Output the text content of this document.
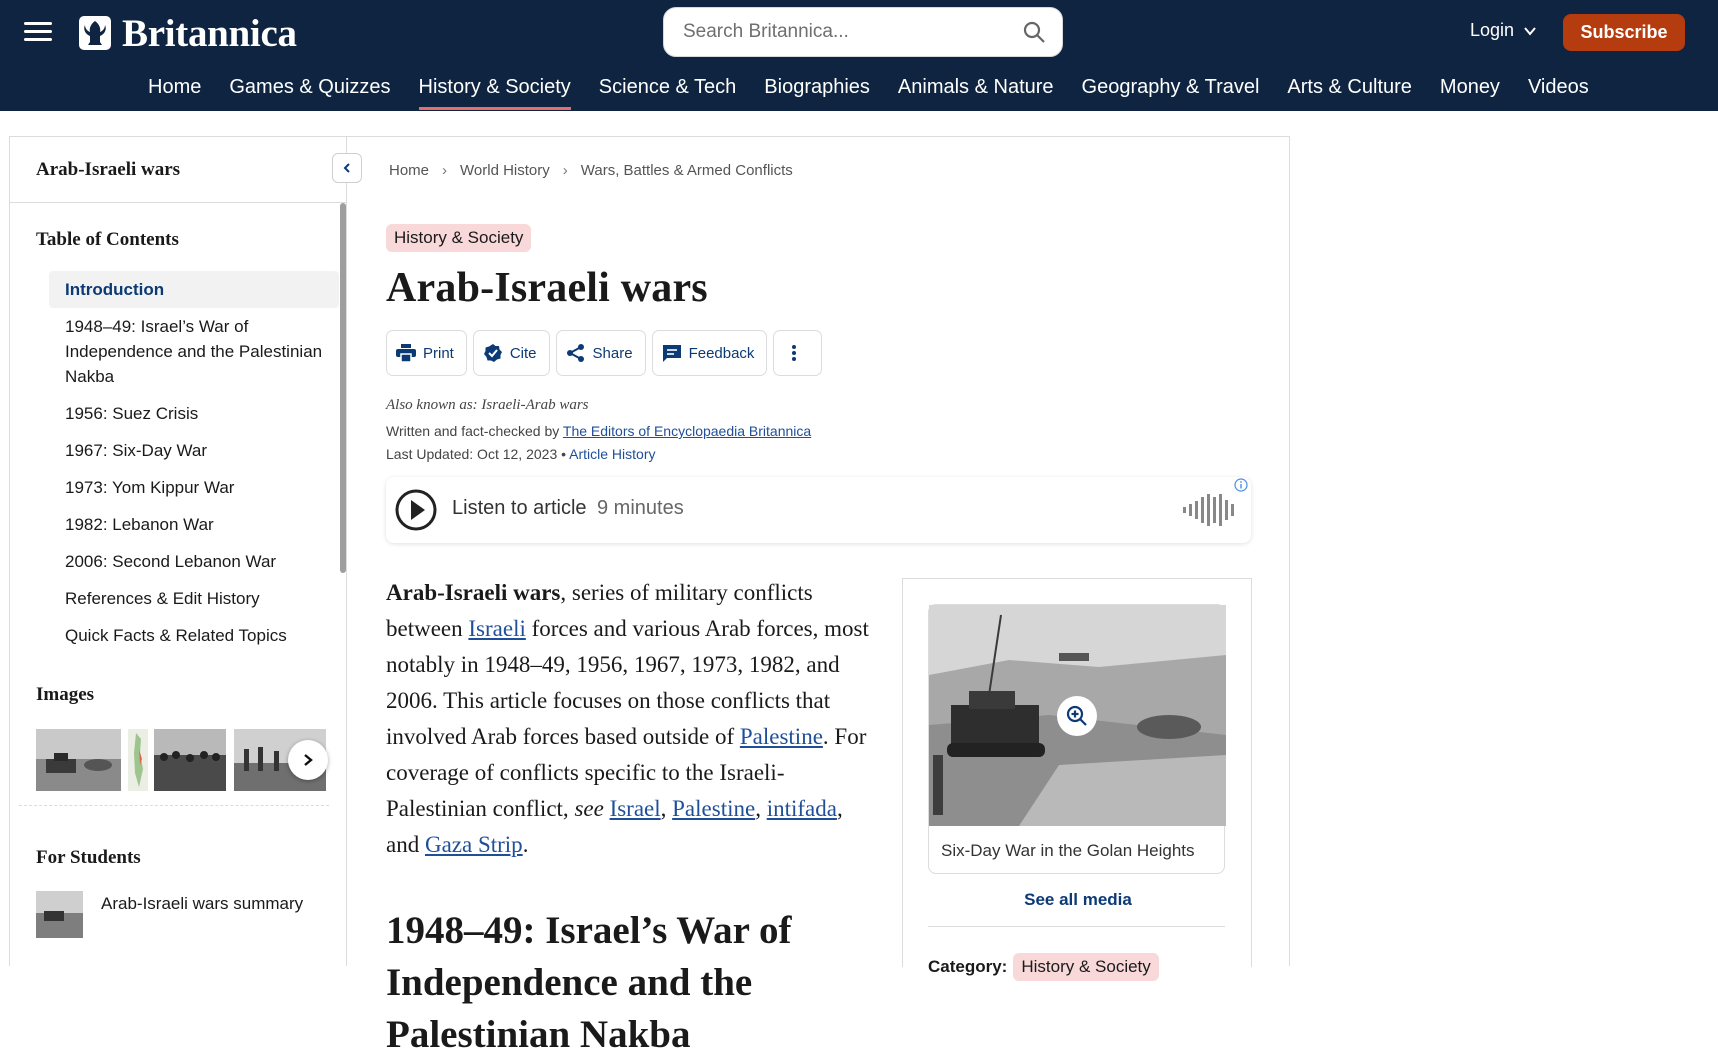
Britannica
Search Britannica...	Login	Subscribe
Home Games & Quizzes History & Society Science & Tech Biographies Animals & Nature Geography & Travel Arts & Culture Money Videos
Arab-Israeli wars
Table of Contents
Introduction
1948–49: Israel’s War of Independence and the Palestinian Nakba
1956: Suez Crisis
1967: Six-Day War
1973: Yom Kippur War
1982: Lebanon War
2006: Second Lebanon War
References & Edit History
Quick Facts & Related Topics
Images
For Students
Arab-Israeli wars summary
Home › World History › Wars, Battles & Armed Conflicts
History & Society
Arab-Israeli wars
Print	Cite	Share	Feedback
Also known as: Israeli-Arab wars
Written and fact-checked by The Editors of Encyclopaedia Britannica
Last Updated: Oct 12, 2023 • Article History
Listen to article 9 minutes

Arab-Israeli wars, series of military conflicts between Israeli forces and various Arab forces, most notably in 1948–49, 1956, 1967, 1973, 1982, and 2006. This article focuses on those conflicts that involved Arab forces based outside of Palestine. For coverage of conflicts specific to the Israeli-Palestinian conflict, see Israel, Palestine, intifada, and Gaza Strip.

1948–49: Israel’s War of Independence and the Palestinian Nakba
Six-Day War in the Golan Heights
See all media
Category: History & Society
